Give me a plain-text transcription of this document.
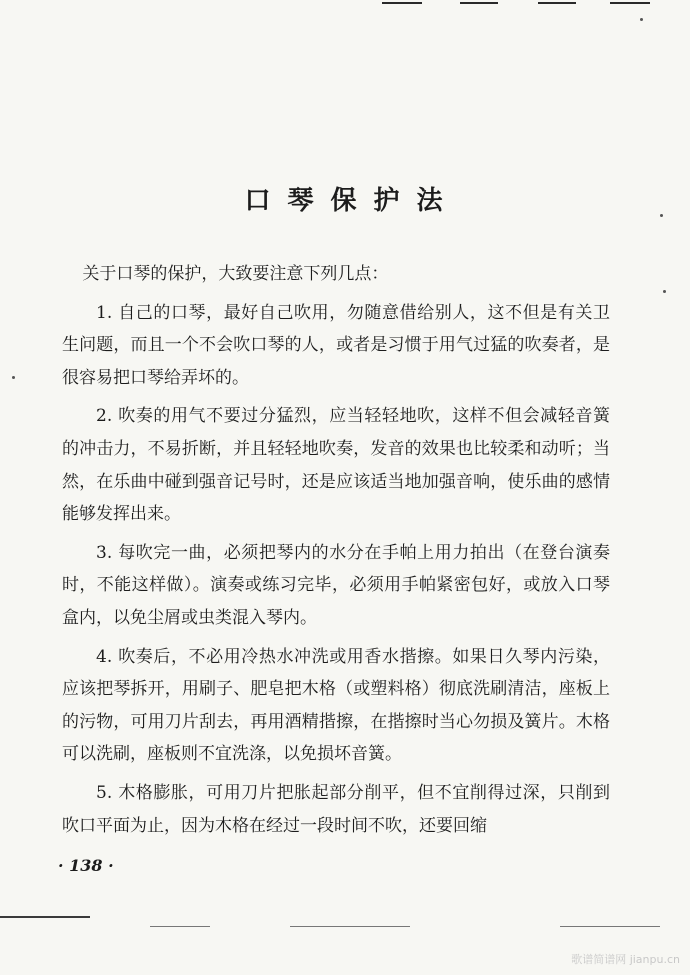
口琴保护法

关于口琴的保护，大致要注意下列几点：

1. 自己的口琴，最好自己吹用，勿随意借给别人，这不但是有关卫生问题，而且一个不会吹口琴的人，或者是习惯于用气过猛的吹奏者，是很容易把口琴给弄坏的。

2. 吹奏的用气不要过分猛烈，应当轻轻地吹，这样不但会减轻音簧的冲击力，不易折断，并且轻轻地吹奏，发音的效果也比较柔和动听；当然，在乐曲中碰到强音记号时，还是应该适当地加强音响，使乐曲的感情能够发挥出来。

3. 每吹完一曲，必须把琴内的水分在手帕上用力拍出（在登台演奏时，不能这样做）。演奏或练习完毕，必须用手帕紧密包好，或放入口琴盒内，以免尘屑或虫类混入琴内。

4. 吹奏后，不必用冷热水冲洗或用香水揩擦。如果日久琴内污染，应该把琴拆开，用刷子、肥皂把木格（或塑料格）彻底洗刷清洁，座板上的污物，可用刀片刮去，再用酒精揩擦，在揩擦时当心勿损及簧片。木格可以洗刷，座板则不宜洗涤，以免损坏音簧。

5. 木格膨胀，可用刀片把胀起部分削平，但不宜削得过深，只削到吹口平面为止，因为木格在经过一段时间不吹，还要回缩

· 138 ·
歌谱简谱网 jianpu.cn
